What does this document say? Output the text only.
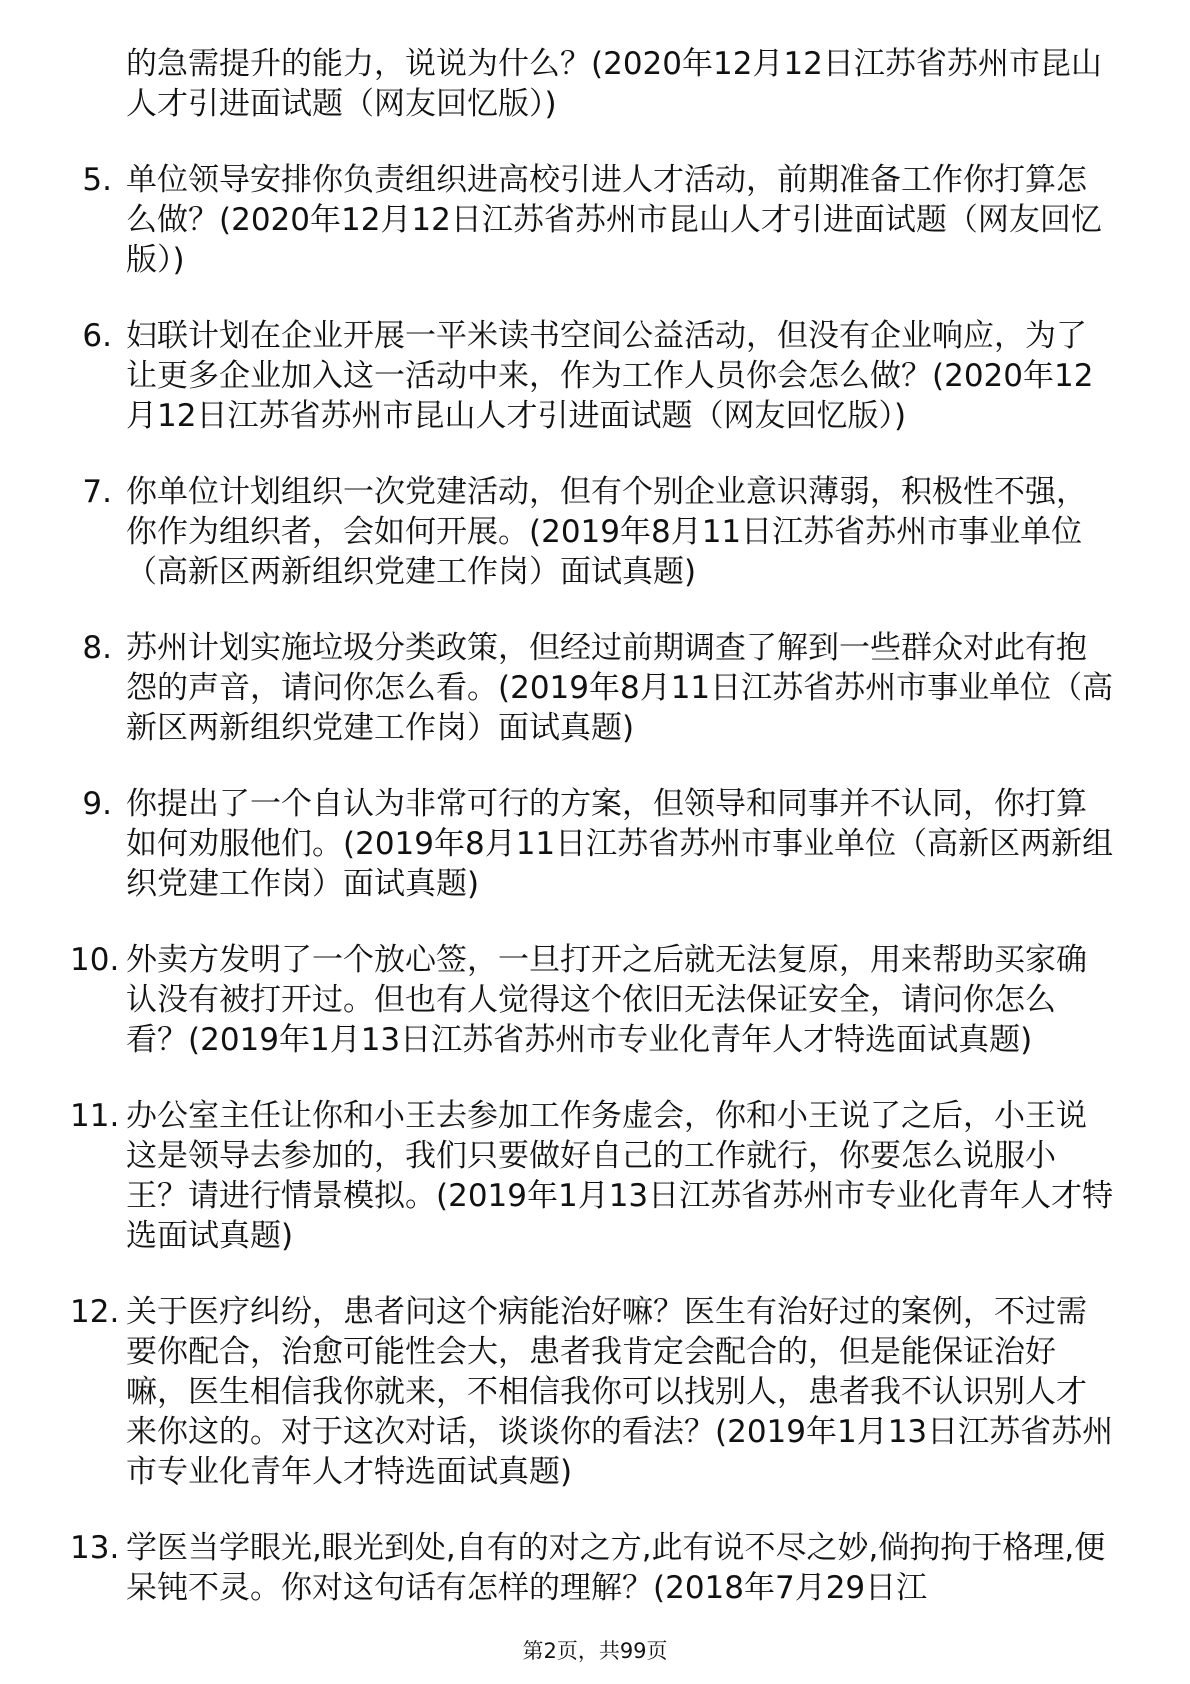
的急需提升的能力，说说为什么？(2020年12月12日江苏省苏州市昆山人才引进面试题（网友回忆版）)
5. 单位领导安排你负责组织进高校引进人才活动，前期准备工作你打算怎么做？(2020年12月12日江苏省苏州市昆山人才引进面试题（网友回忆版）)
6. 妇联计划在企业开展一平米读书空间公益活动，但没有企业响应，为了让更多企业加入这一活动中来，作为工作人员你会怎么做？(2020年12月12日江苏省苏州市昆山人才引进面试题（网友回忆版）)
7. 你单位计划组织一次党建活动，但有个别企业意识薄弱，积极性不强，你作为组织者，会如何开展。(2019年8月11日江苏省苏州市事业单位（高新区两新组织党建工作岗）面试真题)
8. 苏州计划实施垃圾分类政策，但经过前期调查了解到一些群众对此有抱怨的声音，请问你怎么看。(2019年8月11日江苏省苏州市事业单位（高新区两新组织党建工作岗）面试真题)
9. 你提出了一个自认为非常可行的方案，但领导和同事并不认同，你打算如何劝服他们。(2019年8月11日江苏省苏州市事业单位（高新区两新组织党建工作岗）面试真题)
10. 外卖方发明了一个放心签，一旦打开之后就无法复原，用来帮助买家确认没有被打开过。但也有人觉得这个依旧无法保证安全，请问你怎么看？(2019年1月13日江苏省苏州市专业化青年人才特选面试真题)
11. 办公室主任让你和小王去参加工作务虚会，你和小王说了之后，小王说这是领导去参加的，我们只要做好自己的工作就行，你要怎么说服小王？请进行情景模拟。(2019年1月13日江苏省苏州市专业化青年人才特选面试真题)
12. 关于医疗纠纷，患者问这个病能治好嘛？医生有治好过的案例，不过需要你配合，治愈可能性会大，患者我肯定会配合的，但是能保证治好嘛，医生相信我你就来，不相信我你可以找别人，患者我不认识别人才来你这的。对于这次对话，谈谈你的看法？(2019年1月13日江苏省苏州市专业化青年人才特选面试真题)
13. 学医当学眼光,眼光到处,自有的对之方,此有说不尽之妙,倘拘拘于格理,便呆钝不灵。你对这句话有怎样的理解？(2018年7月29日江
第2页，共99页
